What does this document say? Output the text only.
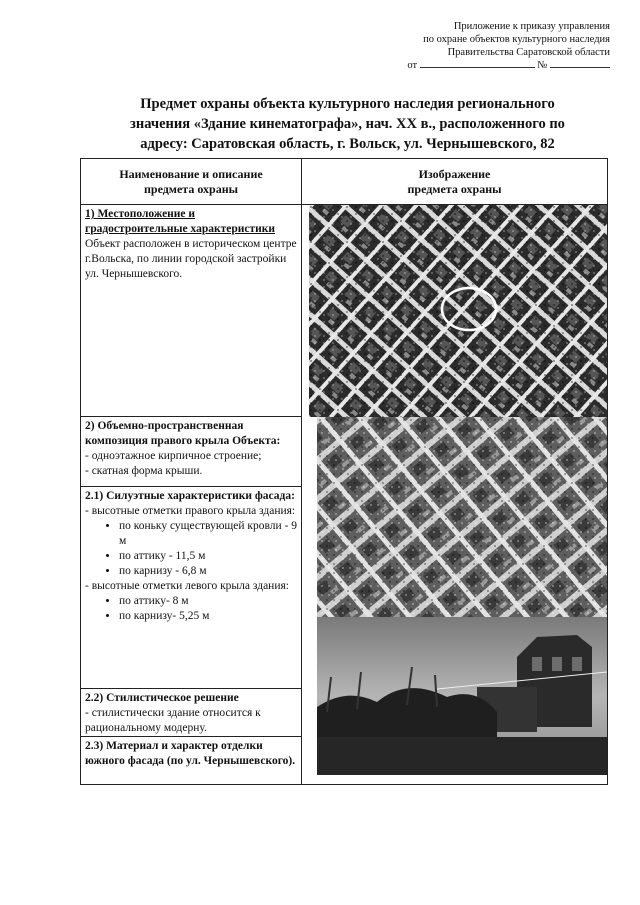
Приложение к приказу управления
по охране объектов культурного наследия
Правительства Саратовской области
от	№
Предмет охраны объекта культурного наследия регионального
значения «Здание кинематографа», нач. XX в., расположенного по
адресу: Саратовская область, г. Вольск, ул. Чернышевского, 82
Наименование и описание
предмета охраны
Изображение
предмета охраны
1) Местоположение и градостроительные характеристики
Объект расположен в историческом центре г.Вольска, по линии городской застройки ул. Чернышевского.
2) Объемно-пространственная композиция правого крыла Объекта:
- одноэтажное кирпичное строение;
- скатная форма крыши.
2.1) Силуэтные характеристики фасада:
- высотные отметки правого крыла здания:
• по коньку существующей кровли - 9 м
• по аттику - 11,5 м
• по карнизу - 6,8 м
- высотные отметки левого крыла здания:
• по аттику- 8 м
• по карнизу- 5,25 м
2.2) Стилистическое решение
- стилистически здание относится к рациональному модерну.
2.3) Материал и характер отделки южного фасада (по ул. Чернышевского).
